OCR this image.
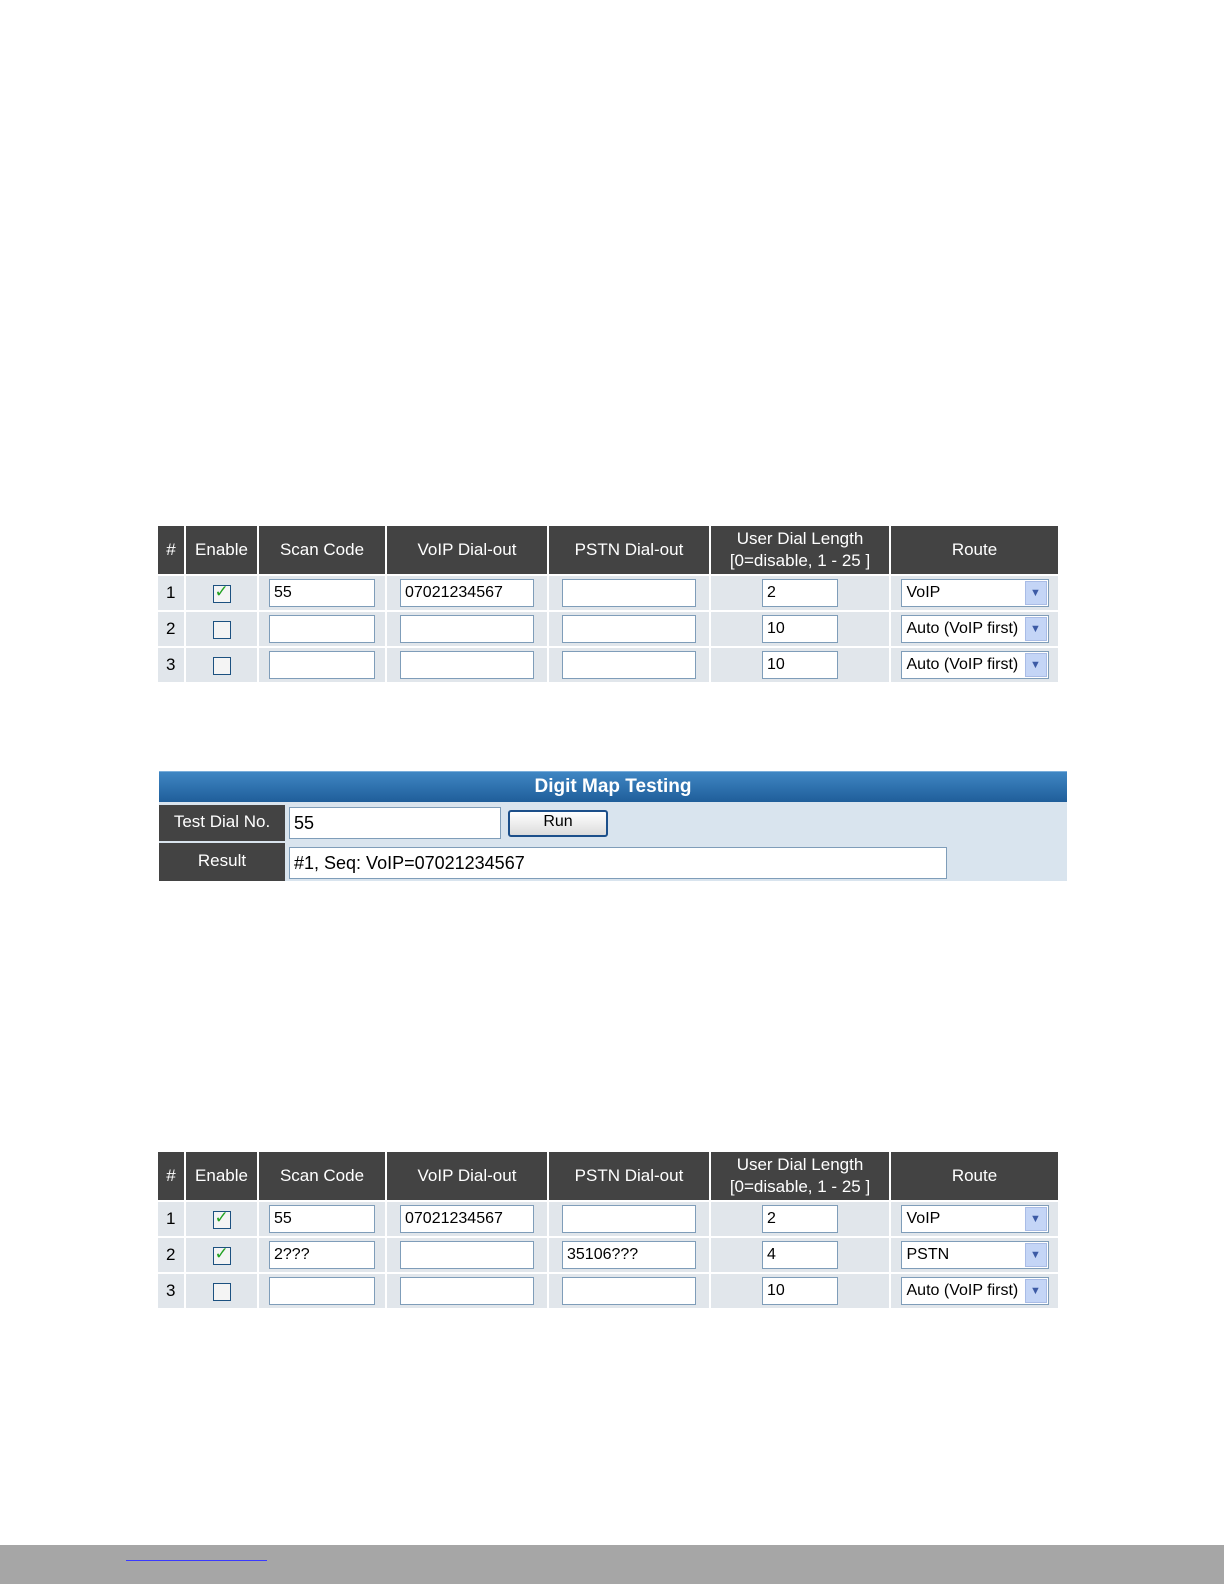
#	Enable	Scan Code	VoIP Dial-out	PSTN Dial-out	User Dial Length
[0=disable, 1 - 25 ]	Route
1	✓	55	07021234567		2	VoIP ▼

2					10	Auto (VoIP first) ▼

3					10	Auto (VoIP first) ▼
Digit Map Testing
Test Dial No.	55	Run
Result	#1, Seq: VoIP=07021234567
#	Enable	Scan Code	VoIP Dial-out	PSTN Dial-out	User Dial Length
[0=disable, 1 - 25 ]	Route
1	✓	55	07021234567		2	VoIP ▼

2	✓	2???		35106???	4	PSTN ▼

3					10	Auto (VoIP first) ▼
